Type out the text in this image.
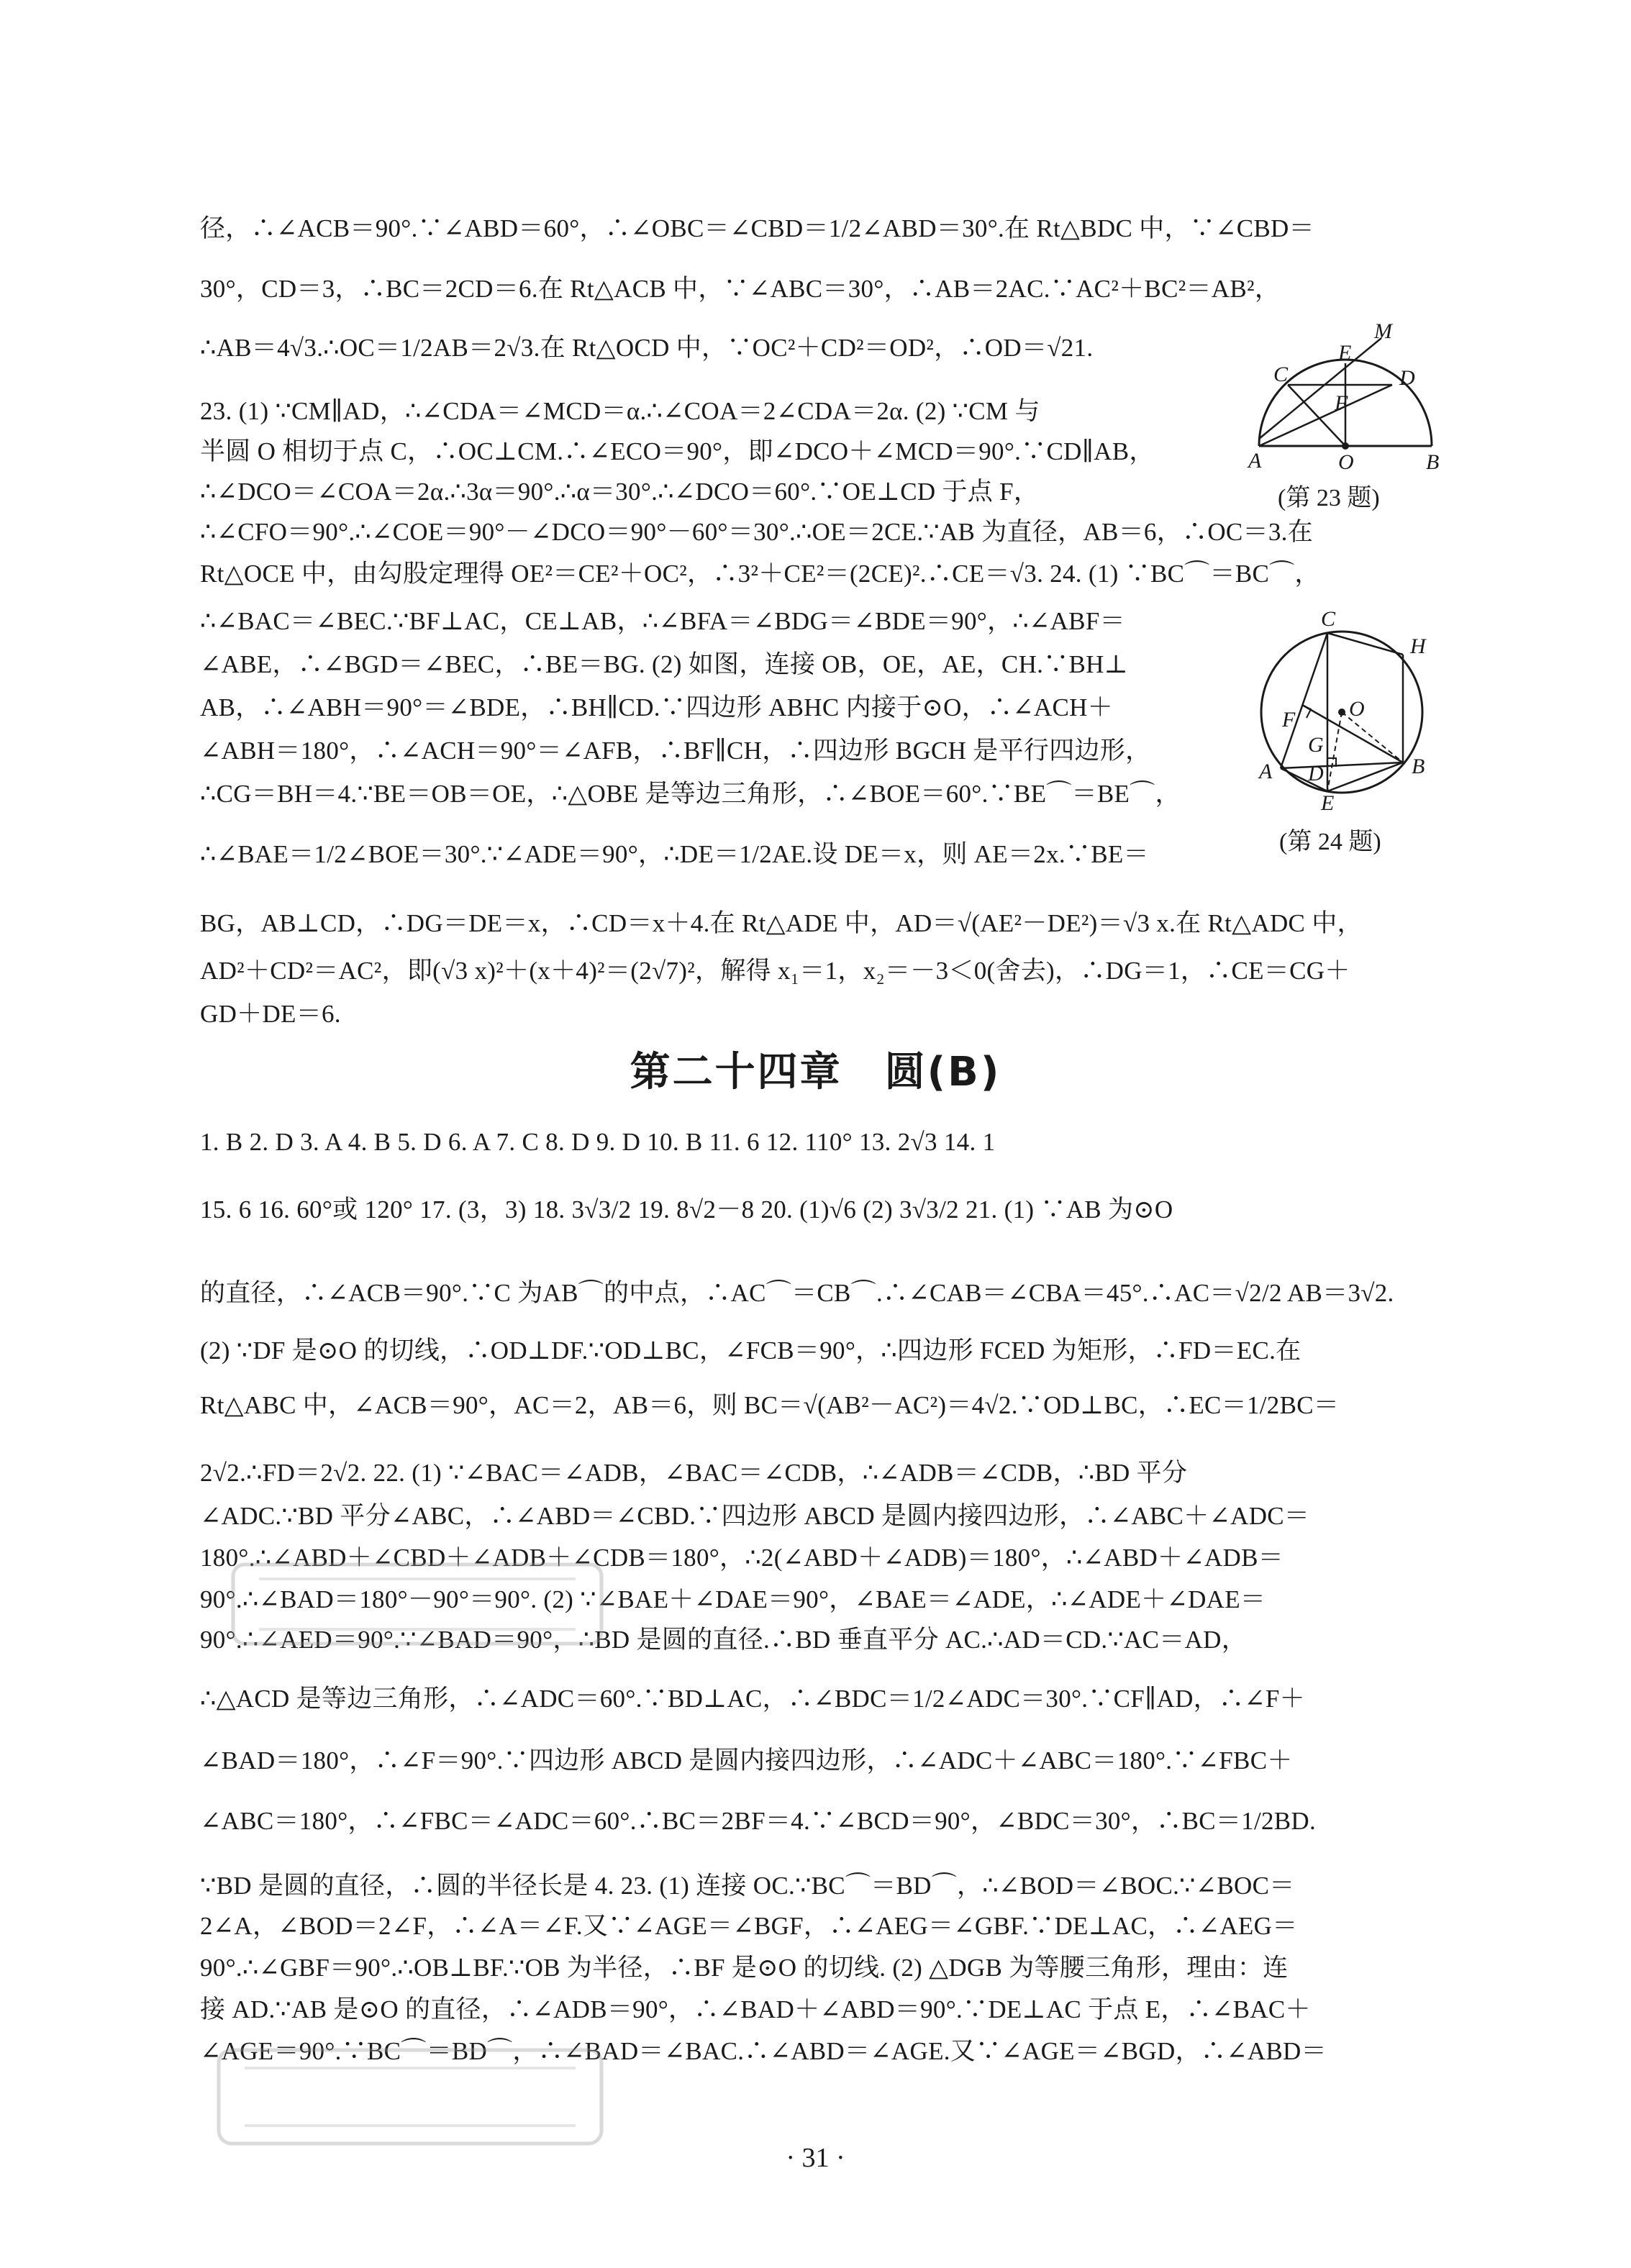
径，∴∠ACB＝90°.∵∠ABD＝60°，∴∠OBC＝∠CBD＝1/2∠ABD＝30°.在 Rt△BDC 中，∵∠CBD＝
30°，CD＝3，∴BC＝2CD＝6.在 Rt△ACB 中，∵∠ABC＝30°，∴AB＝2AC.∵AC²＋BC²＝AB²，
∴AB＝4√3.∴OC＝1/2AB＝2√3.在 Rt△OCD 中，∵OC²＋CD²＝OD²，∴OD＝√21.
23. (1) ∵CM∥AD，∴∠CDA＝∠MCD＝α.∴∠COA＝2∠CDA＝2α. (2) ∵CM 与
半圆 O 相切于点 C，∴OC⊥CM.∴∠ECO＝90°，即∠DCO＋∠MCD＝90°.∵CD∥AB，
∴∠DCO＝∠COA＝2α.∴3α＝90°.∴α＝30°.∴∠DCO＝60°.∵OE⊥CD 于点 F，
∴∠CFO＝90°.∴∠COE＝90°－∠DCO＝90°－60°＝30°.∴OE＝2CE.∵AB 为直径，AB＝6，∴OC＝3.在
Rt△OCE 中，由勾股定理得 OE²＝CE²＋OC²，∴3²＋CE²＝(2CE)².∴CE＝√3. 24. (1) ∵BC⌒＝BC⌒，
∴∠BAC＝∠BEC.∵BF⊥AC，CE⊥AB，∴∠BFA＝∠BDG＝∠BDE＝90°，∴∠ABF＝
∠ABE，∴∠BGD＝∠BEC，∴BE＝BG. (2) 如图，连接 OB，OE，AE，CH.∵BH⊥
AB，∴∠ABH＝90°＝∠BDE，∴BH∥CD.∵四边形 ABHC 内接于⊙O，∴∠ACH＋
∠ABH＝180°，∴∠ACH＝90°＝∠AFB，∴BF∥CH，∴四边形 BGCH 是平行四边形，
∴CG＝BH＝4.∵BE＝OB＝OE，∴△OBE 是等边三角形，∴∠BOE＝60°.∵BE⌒＝BE⌒，
∴∠BAE＝1/2∠BOE＝30°.∵∠ADE＝90°，∴DE＝1/2AE.设 DE＝x，则 AE＝2x.∵BE＝
BG，AB⊥CD，∴DG＝DE＝x，∴CD＝x＋4.在 Rt△ADE 中，AD＝√(AE²－DE²)＝√3 x.在 Rt△ADC 中，
AD²＋CD²＝AC²，即(√3 x)²＋(x＋4)²＝(2√7)²，解得 x₁＝1，x₂＝－3＜0(舍去)，∴DG＝1，∴CE＝CG＋
GD＋DE＝6.
第二十四章　圆(B)
1. B 2. D 3. A 4. B 5. D 6. A 7. C 8. D 9. D 10. B 11. 6 12. 110° 13. 2√3 14. 1
15. 6 16. 60°或 120° 17. (3，3) 18. 3√3/2 19. 8√2－8 20. (1)√6 (2) 3√3/2 21. (1) ∵AB 为⊙O
的直径，∴∠ACB＝90°.∵C 为AB⌒的中点，∴AC⌒＝CB⌒.∴∠CAB＝∠CBA＝45°.∴AC＝√2/2 AB＝3√2.
(2) ∵DF 是⊙O 的切线，∴OD⊥DF.∵OD⊥BC，∠FCB＝90°，∴四边形 FCED 为矩形，∴FD＝EC.在
Rt△ABC 中，∠ACB＝90°，AC＝2，AB＝6，则 BC＝√(AB²－AC²)＝4√2.∵OD⊥BC，∴EC＝1/2BC＝
2√2.∴FD＝2√2. 22. (1) ∵∠BAC＝∠ADB，∠BAC＝∠CDB，∴∠ADB＝∠CDB，∴BD 平分
∠ADC.∵BD 平分∠ABC，∴∠ABD＝∠CBD.∵四边形 ABCD 是圆内接四边形，∴∠ABC＋∠ADC＝
180°.∴∠ABD＋∠CBD＋∠ADB＋∠CDB＝180°，∴2(∠ABD＋∠ADB)＝180°，∴∠ABD＋∠ADB＝
90°.∴∠BAD＝180°－90°＝90°. (2) ∵∠BAE＋∠DAE＝90°，∠BAE＝∠ADE，∴∠ADE＋∠DAE＝
90°.∴∠AED＝90°.∵∠BAD＝90°，∴BD 是圆的直径.∴BD 垂直平分 AC.∴AD＝CD.∵AC＝AD，
∴△ACD 是等边三角形，∴∠ADC＝60°.∵BD⊥AC，∴∠BDC＝1/2∠ADC＝30°.∵CF∥AD，∴∠F＋
∠BAD＝180°，∴∠F＝90°.∵四边形 ABCD 是圆内接四边形，∴∠ADC＋∠ABC＝180°.∵∠FBC＋
∠ABC＝180°，∴∠FBC＝∠ADC＝60°.∴BC＝2BF＝4.∵∠BCD＝90°，∠BDC＝30°，∴BC＝1/2BD.
∵BD 是圆的直径，∴圆的半径长是 4. 23. (1) 连接 OC.∵BC⌒＝BD⌒，∴∠BOD＝∠BOC.∵∠BOC＝
2∠A，∠BOD＝2∠F，∴∠A＝∠F.又∵∠AGE＝∠BGF，∴∠AEG＝∠GBF.∵DE⊥AC，∴∠AEG＝
90°.∴∠GBF＝90°.∴OB⊥BF.∵OB 为半径，∴BF 是⊙O 的切线. (2) △DGB 为等腰三角形，理由：连
接 AD.∵AB 是⊙O 的直径，∴∠ADB＝90°，∴∠BAD＋∠ABD＝90°.∵DE⊥AC 于点 E，∴∠BAC＋
∠AGE＝90°.∵BC⌒＝BD⌒，∴∠BAD＝∠BAC.∴∠ABD＝∠AGE.又∵∠AGE＝∠BGD，∴∠ABD＝
M
E
C	D
F
A	O	B
(第 23 题)
C
H
O
F
G
A D	B
E
(第 24 题)
· 31 ·
